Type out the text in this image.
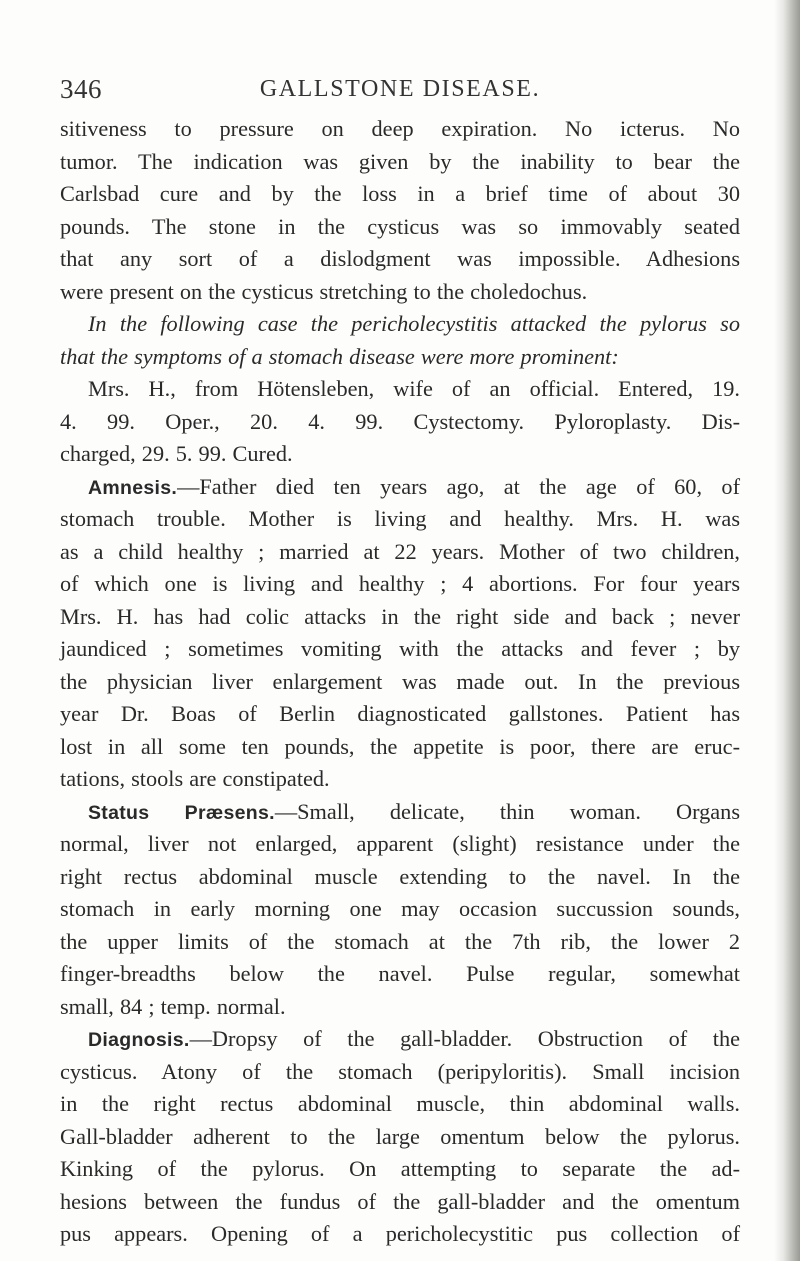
346	GALLSTONE DISEASE.
sitiveness to pressure on deep expiration. No icterus. No
tumor. The indication was given by the inability to bear the
Carlsbad cure and by the loss in a brief time of about 30
pounds. The stone in the cysticus was so immovably seated
that any sort of a dislodgment was impossible. Adhesions
were present on the cysticus stretching to the choledochus.
In the following case the pericholecystitis attacked the pylorus so
that the symptoms of a stomach disease were more prominent:
Mrs. H., from Hötensleben, wife of an official. Entered, 19.
4. 99. Oper., 20. 4. 99. Cystectomy. Pyloroplasty. Dis-
charged, 29. 5. 99. Cured.
Amnesis.—Father died ten years ago, at the age of 60, of
stomach trouble. Mother is living and healthy. Mrs. H. was
as a child healthy ; married at 22 years. Mother of two children,
of which one is living and healthy ; 4 abortions. For four years
Mrs. H. has had colic attacks in the right side and back ; never
jaundiced ; sometimes vomiting with the attacks and fever ; by
the physician liver enlargement was made out. In the previous
year Dr. Boas of Berlin diagnosticated gallstones. Patient has
lost in all some ten pounds, the appetite is poor, there are eruc-
tations, stools are constipated.
Status Præsens.—Small, delicate, thin woman. Organs
normal, liver not enlarged, apparent (slight) resistance under the
right rectus abdominal muscle extending to the navel. In the
stomach in early morning one may occasion succussion sounds,
the upper limits of the stomach at the 7th rib, the lower 2
finger-breadths below the navel. Pulse regular, somewhat
small, 84 ; temp. normal.
Diagnosis.—Dropsy of the gall-bladder. Obstruction of the
cysticus. Atony of the stomach (peripyloritis). Small incision
in the right rectus abdominal muscle, thin abdominal walls.
Gall-bladder adherent to the large omentum below the pylorus.
Kinking of the pylorus. On attempting to separate the ad-
hesions between the fundus of the gall-bladder and the omentum
pus appears. Opening of a pericholecystitic pus collection of
